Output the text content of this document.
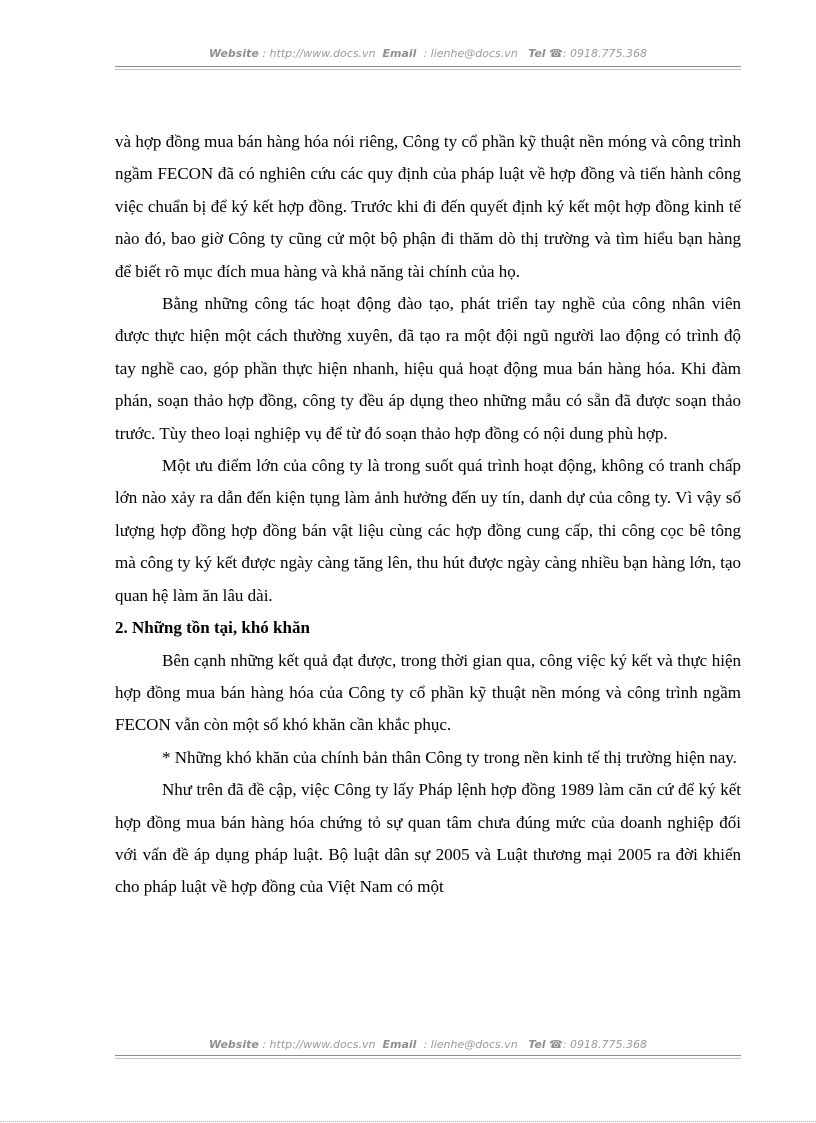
Website : http://www.docs.vn Email : lienhe@docs.vn Tel ☎: 0918.775.368

và hợp đồng mua bán hàng hóa nói riêng, Công ty cổ phần kỹ thuật nền móng và công trình ngầm FECON đã có nghiên cứu các quy định của pháp luật về hợp đồng và tiến hành công việc chuẩn bị để ký kết hợp đồng. Trước khi đi đến quyết định ký kết một hợp đồng kinh tế nào đó, bao giờ Công ty cũng cử một bộ phận đi thăm dò thị trường và tìm hiểu bạn hàng để biết rõ mục đích mua hàng và khả năng tài chính của họ.

Bằng những công tác hoạt động đào tạo, phát triển tay nghề của công nhân viên được thực hiện một cách thường xuyên, đã tạo ra một đội ngũ người lao động có trình độ tay nghề cao, góp phần thực hiện nhanh, hiệu quả hoạt động mua bán hàng hóa. Khi đàm phán, soạn thảo hợp đồng, công ty đều áp dụng theo những mẫu có sẵn đã được soạn thảo trước. Tùy theo loại nghiệp vụ để từ đó soạn thảo hợp đồng có nội dung phù hợp.

Một ưu điểm lớn của công ty là trong suốt quá trình hoạt động, không có tranh chấp lớn nào xảy ra dẫn đến kiện tụng làm ảnh hưởng đến uy tín, danh dự của công ty. Vì vậy số lượng hợp đồng hợp đồng bán vật liệu cùng các hợp đồng cung cấp, thi công cọc bê tông mà công ty ký kết được ngày càng tăng lên, thu hút được ngày càng nhiều bạn hàng lớn, tạo quan hệ làm ăn lâu dài.

2. Những tồn tại, khó khăn

Bên cạnh những kết quả đạt được, trong thời gian qua, công việc ký kết và thực hiện hợp đồng mua bán hàng hóa của Công ty cổ phần kỹ thuật nền móng và công trình ngầm FECON vẫn còn một số khó khăn cần khắc phục.

* Những khó khăn của chính bản thân Công ty trong nền kinh tế thị trường hiện nay.

Như trên đã đề cập, việc Công ty lấy Pháp lệnh hợp đồng 1989 làm căn cứ để ký kết hợp đồng mua bán hàng hóa chứng tỏ sự quan tâm chưa đúng mức của doanh nghiệp đối với vấn đề áp dụng pháp luật. Bộ luật dân sự 2005 và Luật thương mại 2005 ra đời khiến cho pháp luật về hợp đồng của Việt Nam có một

Website : http://www.docs.vn Email : lienhe@docs.vn Tel ☎: 0918.775.368
